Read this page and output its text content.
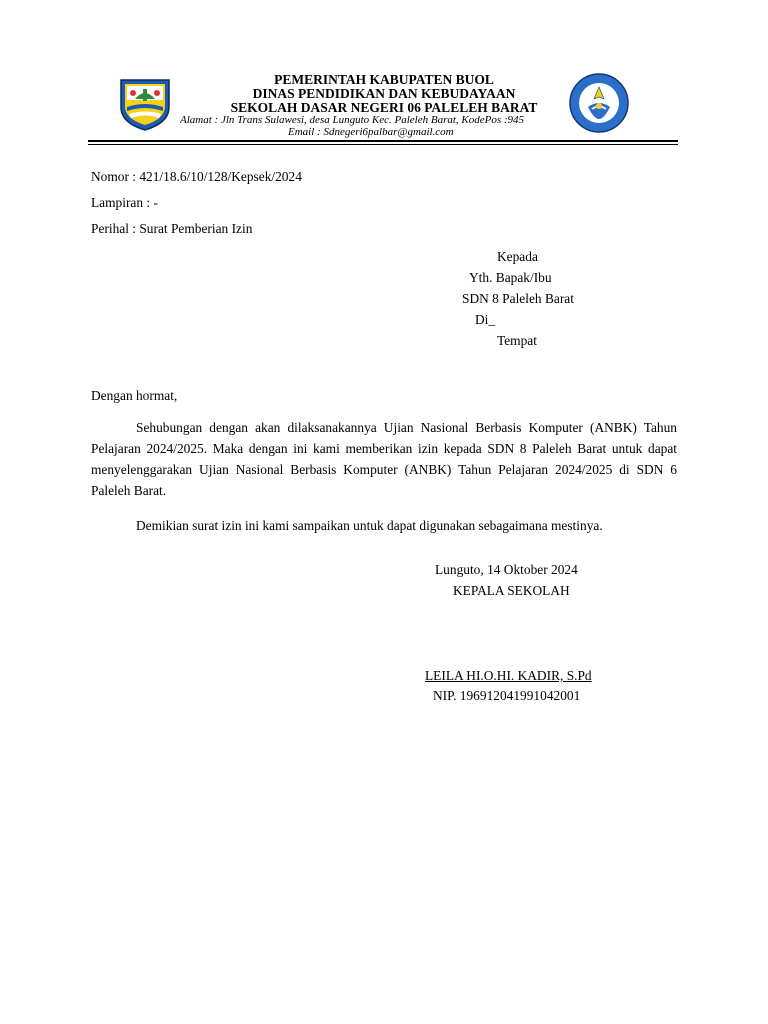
PEMERINTAH KABUPATEN BUOL
DINAS PENDIDIKAN DAN KEBUDAYAAN
SEKOLAH DASAR NEGERI 06 PALELEH BARAT
Alamat : Jln Trans Sulawesi, desa Lunguto Kec. Paleleh Barat, KodePos :945
Email : Sdnegeri6palbar@gmail.com
Nomor : 421/18.6/10/128/Kepsek/2024
Lampiran : -
Perihal : Surat Pemberian Izin
Kepada
Yth. Bapak/Ibu
SDN 8 Paleleh Barat
Di_
Tempat
Dengan hormat,
Sehubungan dengan akan dilaksanakannya Ujian Nasional Berbasis Komputer (ANBK) Tahun Pelajaran 2024/2025. Maka dengan ini kami memberikan izin kepada SDN 8 Paleleh Barat untuk dapat menyelenggarakan Ujian Nasional Berbasis Komputer (ANBK) Tahun Pelajaran 2024/2025 di SDN 6 Paleleh Barat.
Demikian surat izin ini kami sampaikan untuk dapat digunakan sebagaimana mestinya.
Lunguto, 14 Oktober 2024
KEPALA SEKOLAH
LEILA HI.O.HI. KADIR, S.Pd
NIP. 196912041991042001
